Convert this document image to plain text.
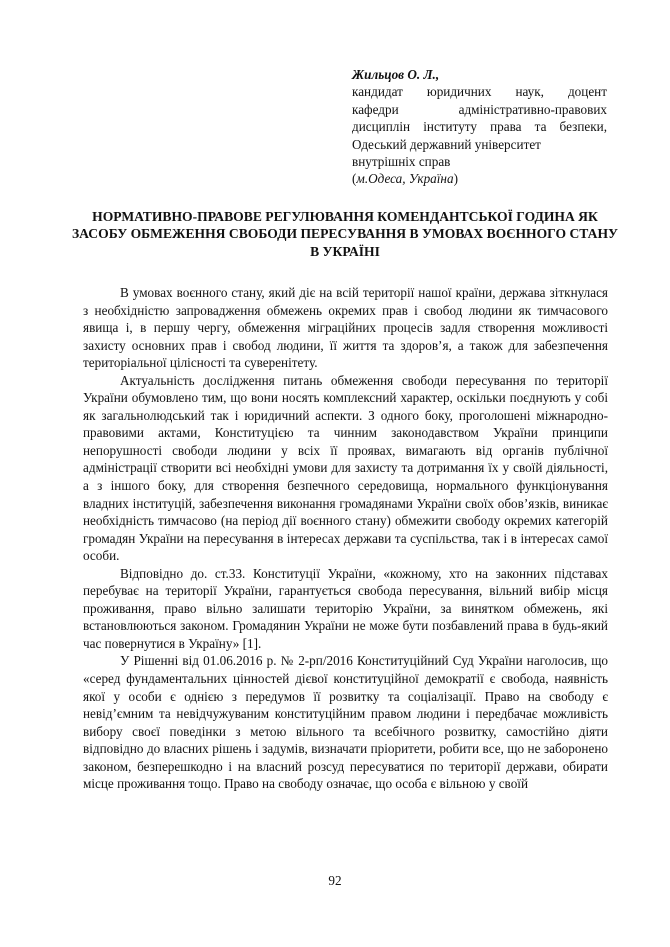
Жильцов О. Л.,
кандидат юридичних наук, доцент
кафедри адміністративно-правових
дисциплін інституту права та безпеки,
Одеський державний університет
внутрішніх справ
(м.Одеса, Україна)
НОРМАТИВНО-ПРАВОВЕ РЕГУЛЮВАННЯ КОМЕНДАНТСЬКОЇ ГОДИНА ЯК ЗАСОБУ ОБМЕЖЕННЯ СВОБОДИ ПЕРЕСУВАННЯ В УМОВАХ ВОЄННОГО СТАНУ В УКРАЇНІ

В умовах воєнного стану, який діє на всій території нашої країни, держава зіткнулася з необхідністю запровадження обмежень окремих прав і свобод людини як тимчасового явища і, в першу чергу, обмеження міграційних процесів задля створення можливості захисту основних прав і свобод людини, її життя та здоров’я, а також для забезпечення територіальної цілісності та суверенітету.

Актуальність дослідження питань обмеження свободи пересування по території України обумовлено тим, що вони носять комплексний характер, оскільки поєднують у собі як загальнолюдський так і юридичний аспекти. З одного боку, проголошені міжнародно-правовими актами, Конституцією та чинним законодавством України принципи непорушності свободи людини у всіх її проявах, вимагають від органів публічної адміністрації створити всі необхідні умови для захисту та дотримання їх у своїй діяльності, а з іншого боку, для створення безпечного середовища, нормального функціонування владних інституцій, забезпечення виконання громадянами України своїх обов’язків, виникає необхідність тимчасово (на період дії воєнного стану) обмежити свободу окремих категорій громадян України на пересування в інтересах держави та суспільства, так і в інтересах самої особи.

Відповідно до. ст.33. Конституції України, «кожному, хто на законних підставах перебуває на території України, гарантується свобода пересування, вільний вибір місця проживання, право вільно залишати територію України, за винятком обмежень, які встановлюються законом. Громадянин України не може бути позбавлений права в будь-який час повернутися в Україну» [1].

У Рішенні від 01.06.2016 р. № 2-рп/2016 Конституційний Суд України наголосив, що «серед фундаментальних цінностей дієвої конституційної демократії є свобода, наявність якої у особи є однією з передумов її розвитку та соціалізації. Право на свободу є невід’ємним та невідчужуваним конституційним правом людини і передбачає можливість вибору своєї поведінки з метою вільного та всебічного розвитку, самостійно діяти відповідно до власних рішень і задумів, визначати пріоритети, робити все, що не заборонено законом, безперешкодно і на власний розсуд пересуватися по території держави, обирати місце проживання тощо. Право на свободу означає, що особа є вільною у своїй

92
